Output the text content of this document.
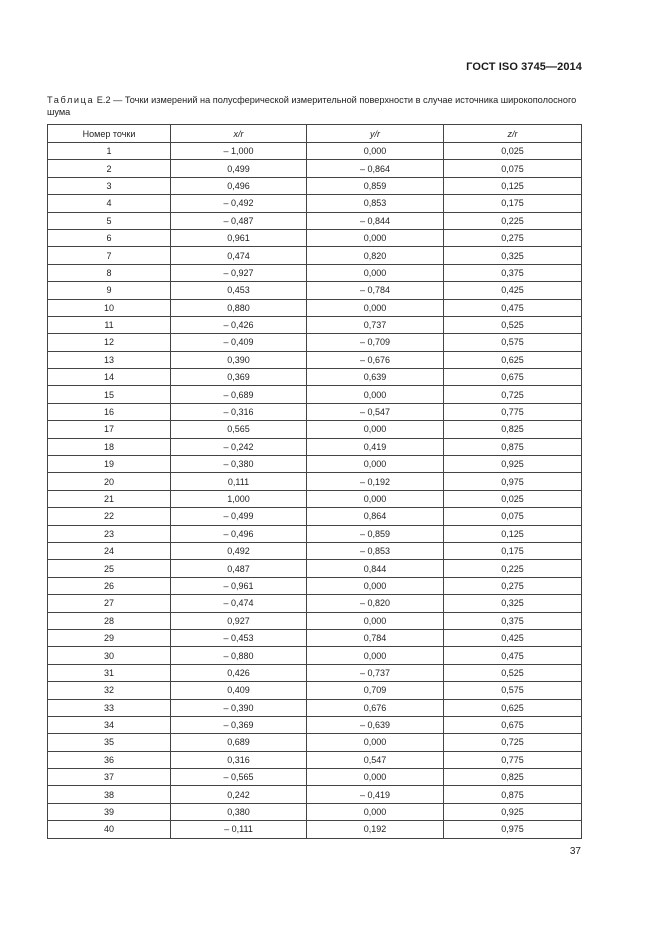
ГОСТ ISO 3745—2014
Таблица Е.2 — Точки измерений на полусферической измерительной поверхности в случае источника широкополосного шума
Номер точки	x/r	y/r	z/r
1	– 1,000	0,000	0,025
2	0,499	– 0,864	0,075
3	0,496	0,859	0,125
4	– 0,492	0,853	0,175
5	– 0,487	– 0,844	0,225
6	0,961	0,000	0,275
7	0,474	0,820	0,325
8	– 0,927	0,000	0,375
9	0,453	– 0,784	0,425
10	0,880	0,000	0,475
11	– 0,426	0,737	0,525
12	– 0,409	– 0,709	0,575
13	0,390	– 0,676	0,625
14	0,369	0,639	0,675
15	– 0,689	0,000	0,725
16	– 0,316	– 0,547	0,775
17	0,565	0,000	0,825
18	– 0,242	0,419	0,875
19	– 0,380	0,000	0,925
20	0,111	– 0,192	0,975
21	1,000	0,000	0,025
22	– 0,499	0,864	0,075
23	– 0,496	– 0,859	0,125
24	0,492	– 0,853	0,175
25	0,487	0,844	0,225
26	– 0,961	0,000	0,275
27	– 0,474	– 0,820	0,325
28	0,927	0,000	0,375
29	– 0,453	0,784	0,425
30	– 0,880	0,000	0,475
31	0,426	– 0,737	0,525
32	0,409	0,709	0,575
33	– 0,390	0,676	0,625
34	– 0,369	– 0,639	0,675
35	0,689	0,000	0,725
36	0,316	0,547	0,775
37	– 0,565	0,000	0,825
38	0,242	– 0,419	0,875
39	0,380	0,000	0,925
40	– 0,111	0,192	0,975
37
